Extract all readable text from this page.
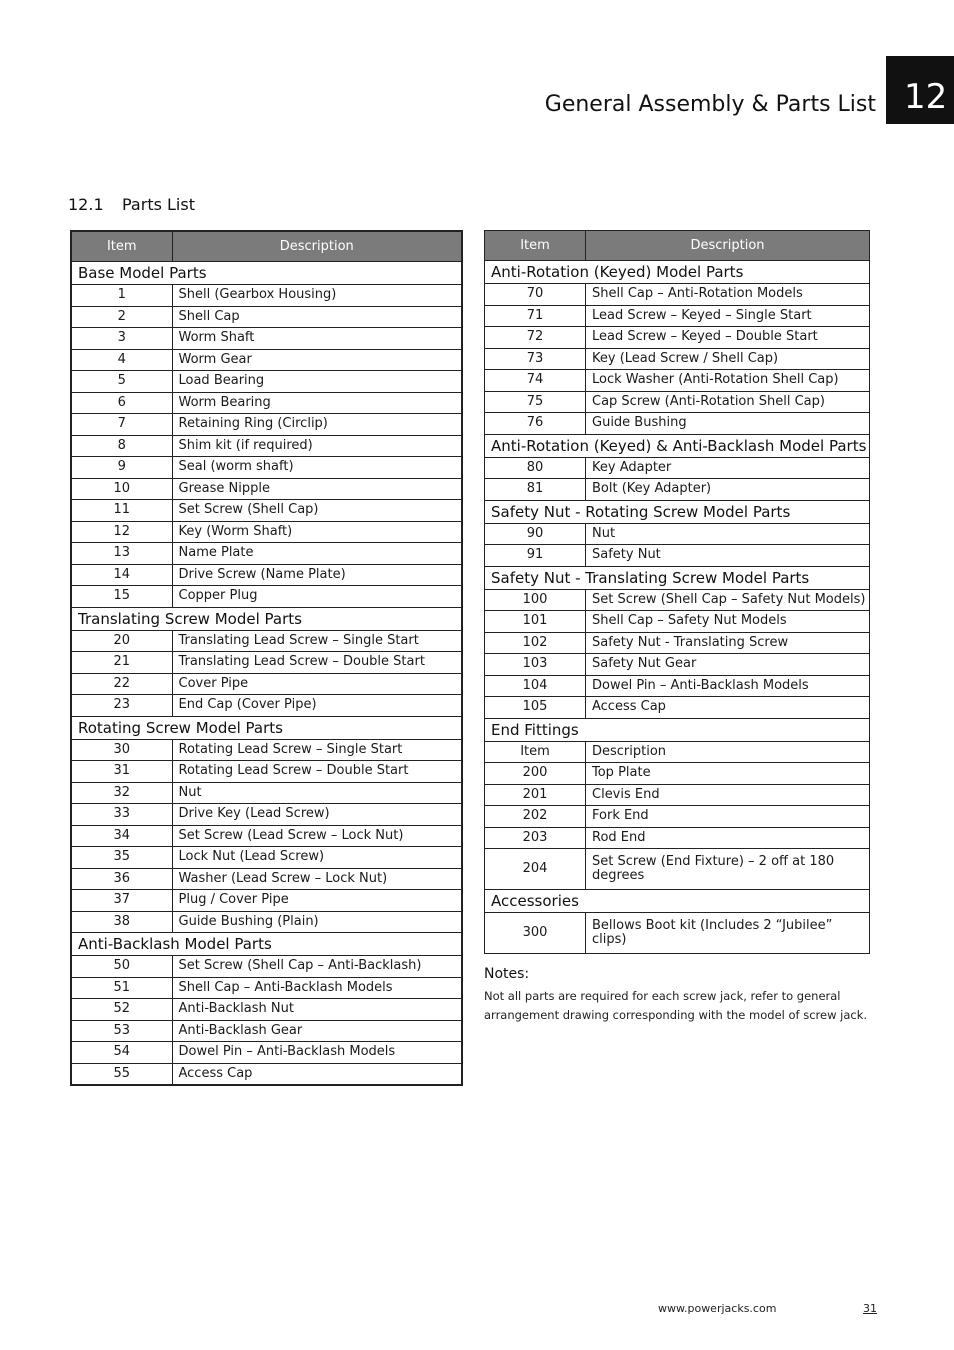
General Assembly & Parts List 12
12.1 Parts List
Item	Description
Base Model Parts	
1	Shell (Gearbox Housing)
2	Shell Cap
3	Worm Shaft
4	Worm Gear
5	Load Bearing
6	Worm Bearing
7	Retaining Ring (Circlip)
8	Shim kit (if required)
9	Seal (worm shaft)
10	Grease Nipple
11	Set Screw (Shell Cap)
12	Key (Worm Shaft)
13	Name Plate
14	Drive Screw (Name Plate)
15	Copper Plug
Translating Screw Model Parts	
20	Translating Lead Screw – Single Start
21	Translating Lead Screw – Double Start
22	Cover Pipe
23	End Cap (Cover Pipe)
Rotating Screw Model Parts	
30	Rotating Lead Screw – Single Start
31	Rotating Lead Screw – Double Start
32	Nut
33	Drive Key (Lead Screw)
34	Set Screw (Lead Screw – Lock Nut)
35	Lock Nut (Lead Screw)
36	Washer (Lead Screw – Lock Nut)
37	Plug / Cover Pipe
38	Guide Bushing (Plain)
Anti-Backlash Model Parts	
50	Set Screw (Shell Cap – Anti-Backlash)
51	Shell Cap – Anti-Backlash Models
52	Anti-Backlash Nut
53	Anti-Backlash Gear
54	Dowel Pin – Anti-Backlash Models
55	Access Cap
Item	Description
Anti-Rotation (Keyed) Model Parts	
70	Shell Cap – Anti-Rotation Models
71	Lead Screw – Keyed – Single Start
72	Lead Screw – Keyed – Double Start
73	Key (Lead Screw / Shell Cap)
74	Lock Washer (Anti-Rotation Shell Cap)
75	Cap Screw (Anti-Rotation Shell Cap)
76	Guide Bushing
Anti-Rotation (Keyed) & Anti-Backlash Model Parts	
80	Key Adapter
81	Bolt (Key Adapter)
Safety Nut - Rotating Screw Model Parts	
90	Nut
91	Safety Nut
Safety Nut - Translating Screw Model Parts	
100	Set Screw (Shell Cap – Safety Nut Models)
101	Shell Cap – Safety Nut Models
102	Safety Nut - Translating Screw
103	Safety Nut Gear
104	Dowel Pin – Anti-Backlash Models
105	Access Cap
End Fittings	
Item	Description
200	Top Plate
201	Clevis End
202	Fork End
203	Rod End
204	Set Screw (End Fixture) – 2 off at 180 degrees
Accessories	
300	Bellows Boot kit (Includes 2 “Jubilee” clips)
Notes:
Not all parts are required for each screw jack, refer to general arrangement drawing corresponding with the model of screw jack.
www.powerjacks.com	31
